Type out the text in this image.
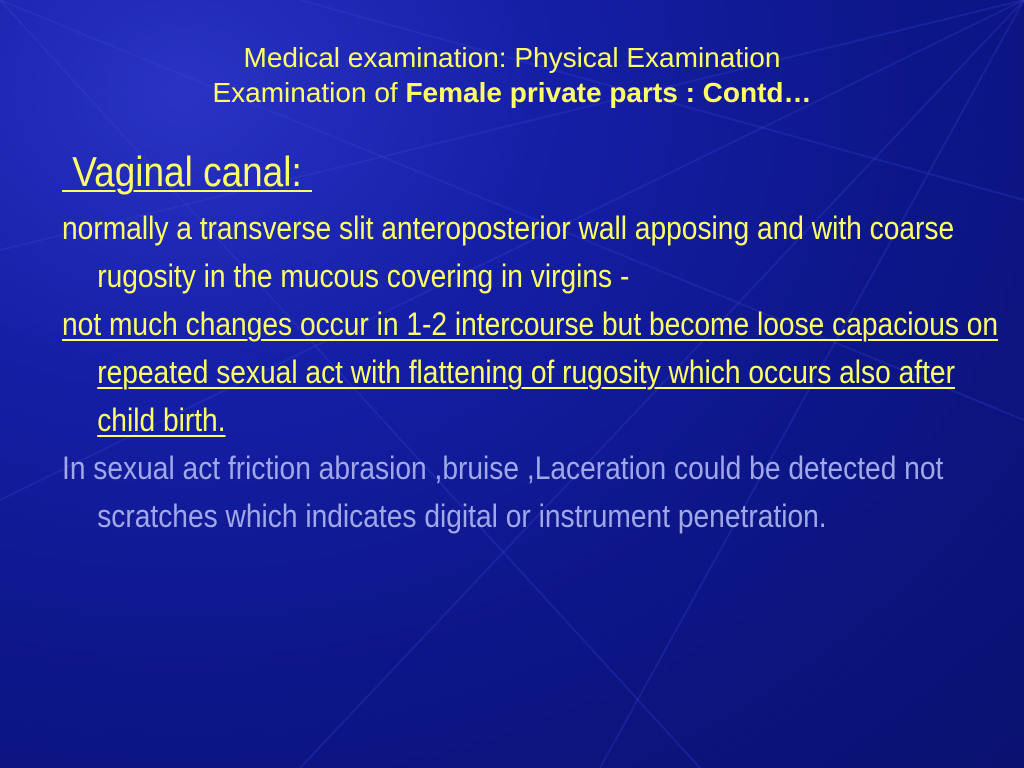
Medical examination: Physical Examination
Examination of Female private parts : Contd…
Vaginal canal:
normally a transverse slit anteroposterior wall apposing and with coarse rugosity in the mucous covering in virgins -
not much changes occur in 1-2 intercourse but become loose capacious on repeated sexual act with flattening of rugosity which occurs also after child birth.
In sexual act friction abrasion ,bruise ,Laceration could be detected not scratches which indicates digital or instrument penetration.
